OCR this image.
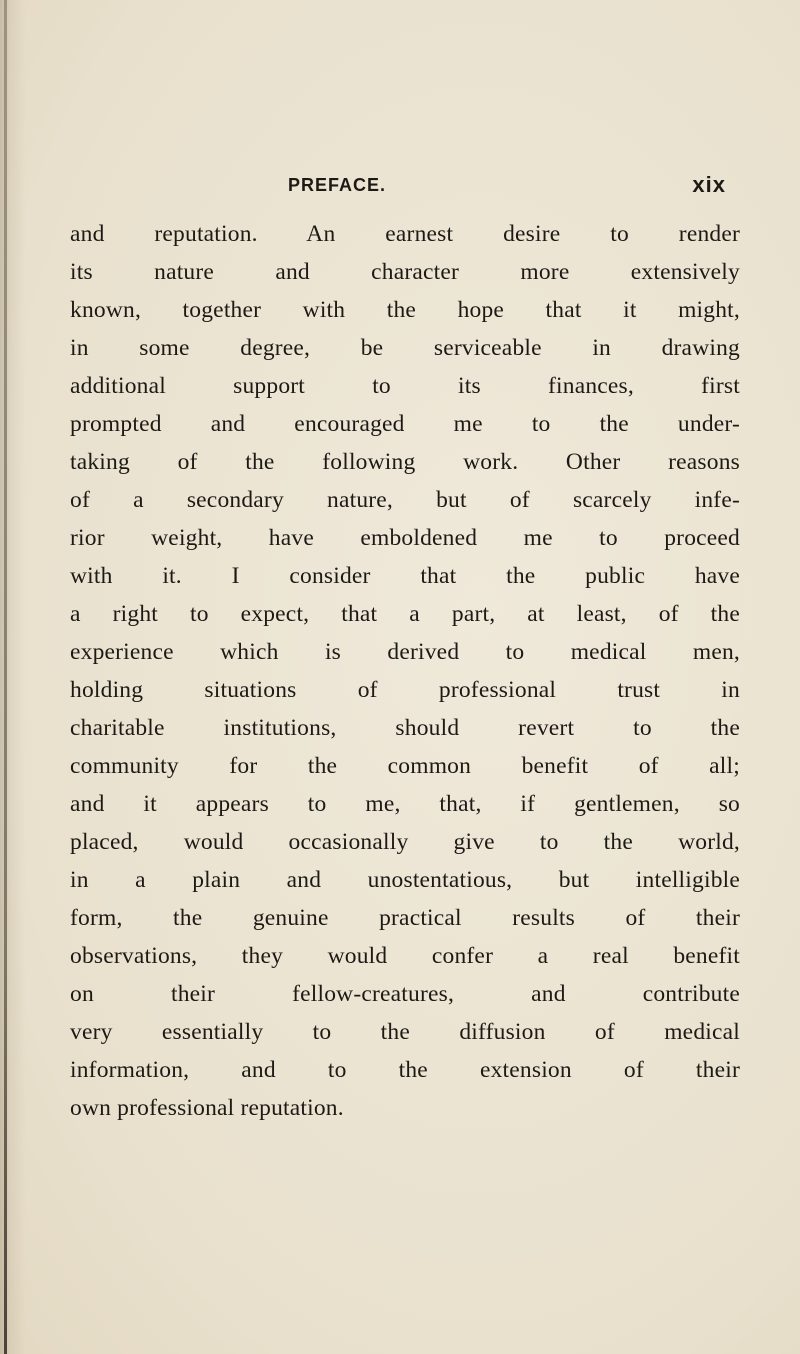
PREFACE.	xix
and reputation. An earnest desire to render
its nature and character more extensively
known, together with the hope that it might,
in some degree, be serviceable in drawing
additional support to its finances, first
prompted and encouraged me to the under-
taking of the following work. Other reasons
of a secondary nature, but of scarcely infe-
rior weight, have emboldened me to proceed
with it. I consider that the public have
a right to expect, that a part, at least, of the
experience which is derived to medical men,
holding situations of professional trust in
charitable institutions, should revert to the
community for the common benefit of all;
and it appears to me, that, if gentlemen, so
placed, would occasionally give to the world,
in a plain and unostentatious, but intelligible
form, the genuine practical results of their
observations, they would confer a real benefit
on their fellow-creatures, and contribute
very essentially to the diffusion of medical
information, and to the extension of their
own professional reputation.
